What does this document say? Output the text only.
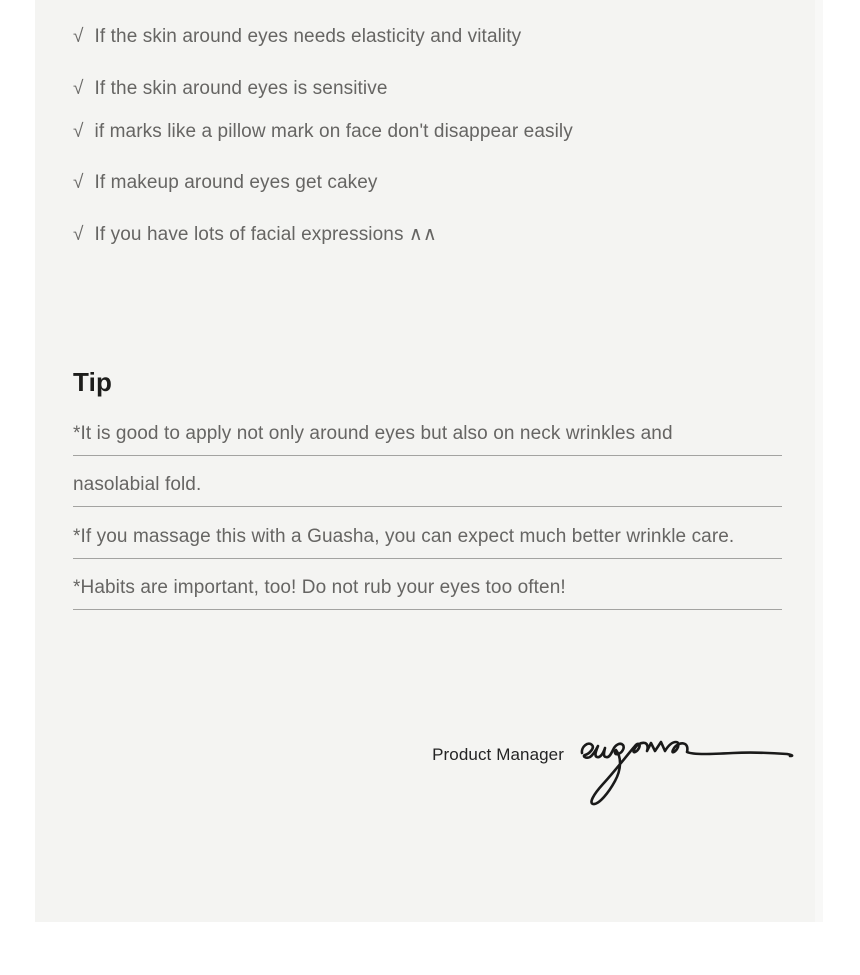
√ If the skin around eyes needs elasticity and vitality
√ If the skin around eyes is sensitive
√ if marks like a pillow mark on face don't disappear easily
√ If makeup around eyes get cakey
√ If you have lots of facial expressions ∧∧
Tip
*It is good to apply not only around eyes but also on neck wrinkles and
nasolabial fold.
*If you massage this with a Guasha, you can expect much better wrinkle care.
*Habits are important, too! Do not rub your eyes too often!
Product Manager
